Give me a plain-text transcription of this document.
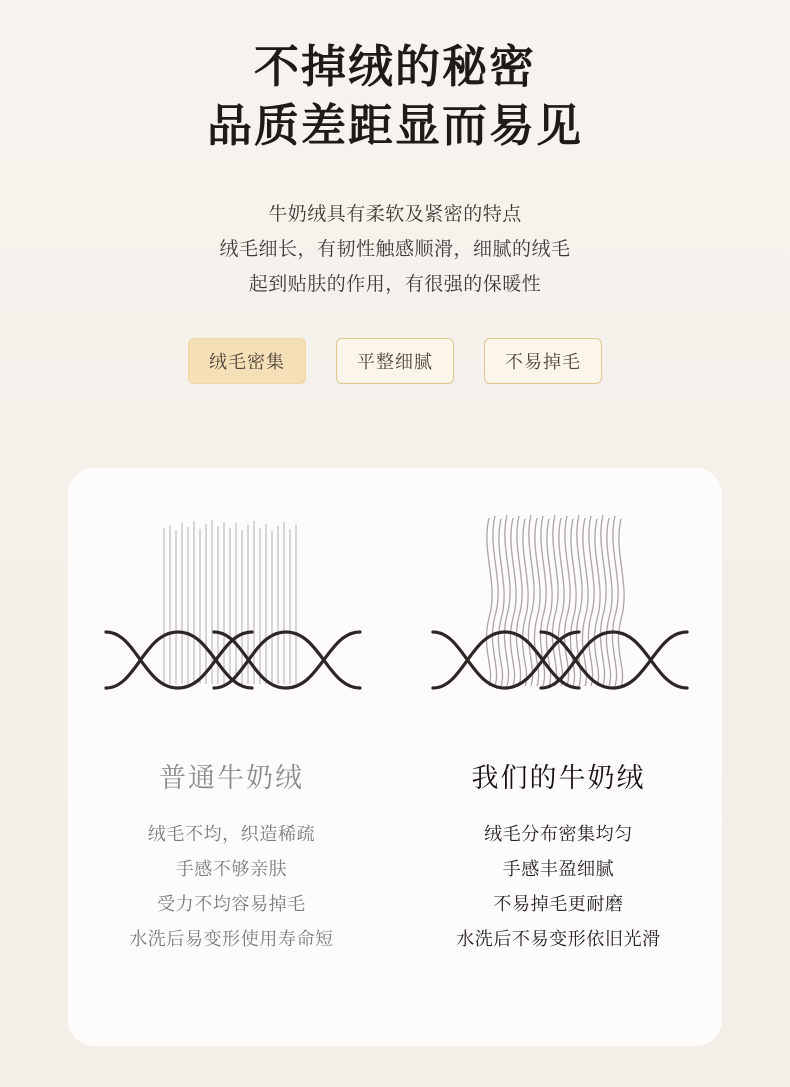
不掉绒的秘密
品质差距显而易见
牛奶绒具有柔软及紧密的特点
绒毛细长，有韧性触感顺滑，细腻的绒毛
起到贴肤的作用，有很强的保暖性
绒毛密集	平整细腻	不易掉毛
普通牛奶绒
绒毛不均，织造稀疏
手感不够亲肤
受力不均容易掉毛
水洗后易变形使用寿命短
我们的牛奶绒
绒毛分布密集均匀
手感丰盈细腻
不易掉毛更耐磨
水洗后不易变形依旧光滑
